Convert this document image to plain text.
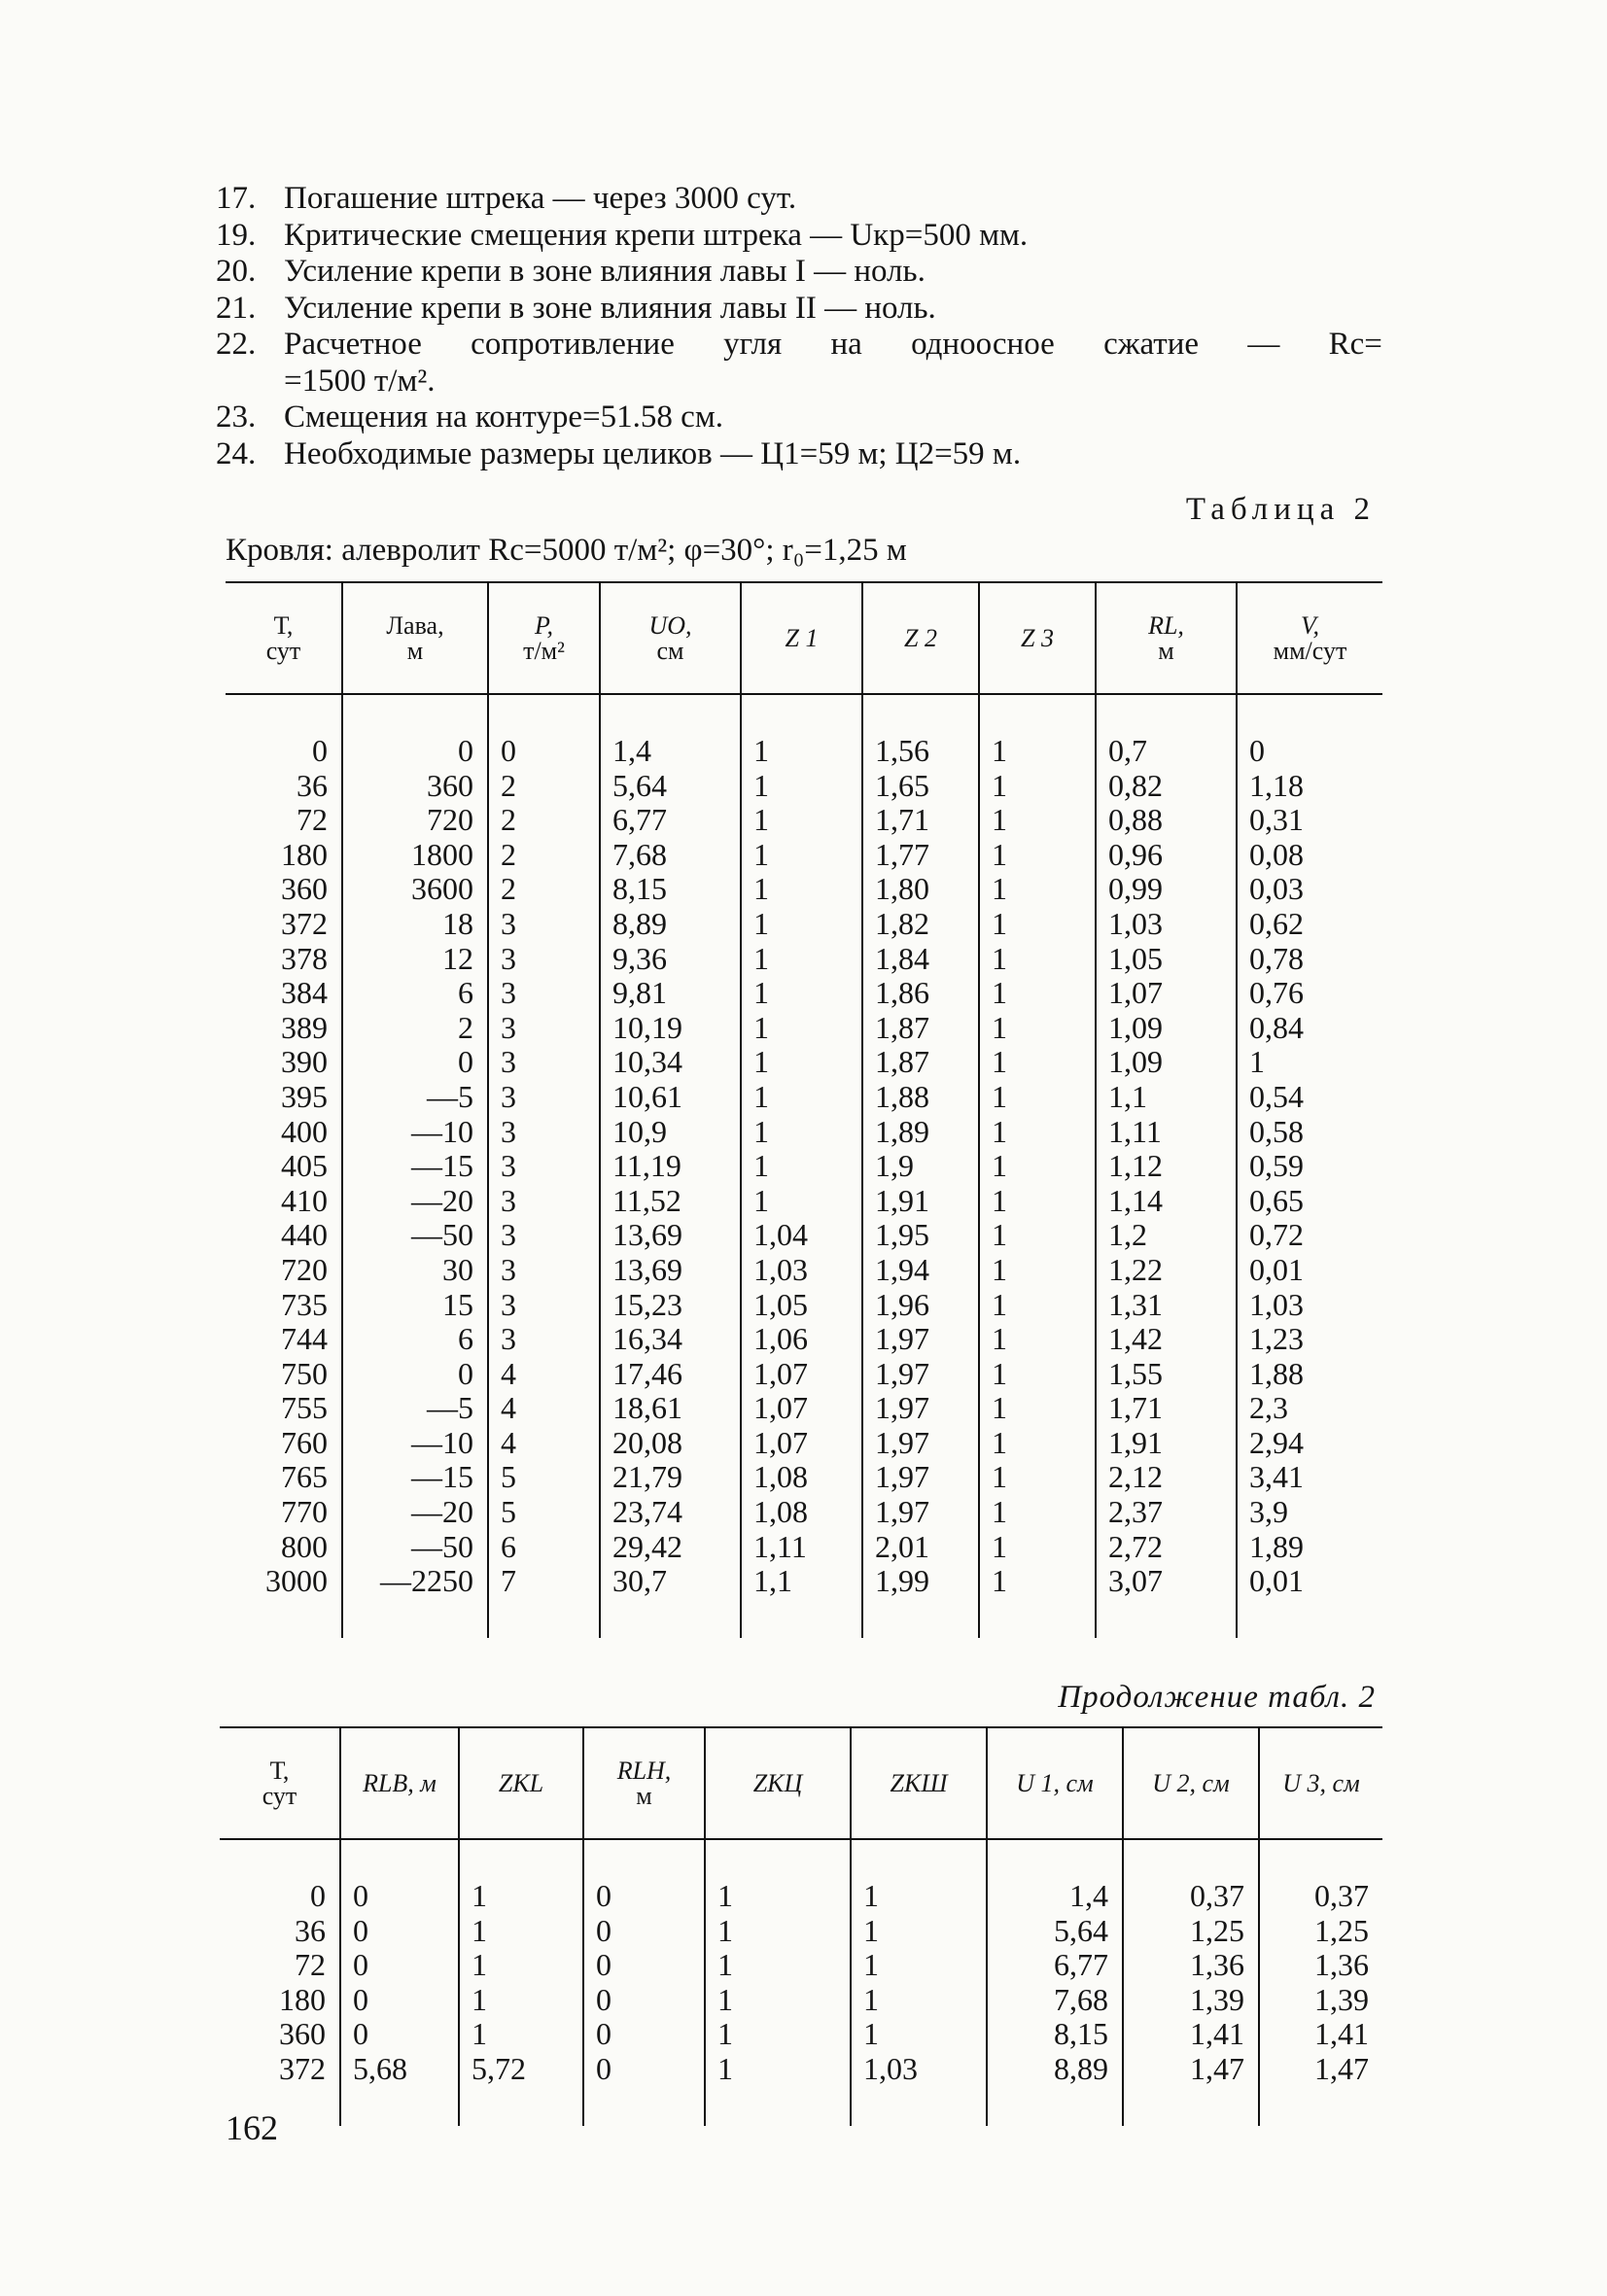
17. Погашение штрека — через 3000 сут.
19. Критические смещения крепи штрека — Uкр=500 мм.
20. Усиление крепи в зоне влияния лавы I — ноль.
21. Усиление крепи в зоне влияния лавы II — ноль.
22. Расчетное сопротивление угля на одноосное сжатие — Rc=
=1500 т/м².
23. Смещения на контуре=51.58 см.
24. Необходимые размеры целиков — Ц1=59 м; Ц2=59 м.
Таблица 2
Кровля: алевролит Rc=5000 т/м²; φ=30°; r₀=1,25 м
Т,
сут	Лава,
м	P,
т/м²	UO,
см	Z 1	Z 2	Z 3	RL,
м	V,
мм/сут

0	0	0	1,4	1	1,56	1	0,7	0
36	360	2	5,64	1	1,65	1	0,82	1,18
72	720	2	6,77	1	1,71	1	0,88	0,31
180	1800	2	7,68	1	1,77	1	0,96	0,08
360	3600	2	8,15	1	1,80	1	0,99	0,03
372	18	3	8,89	1	1,82	1	1,03	0,62
378	12	3	9,36	1	1,84	1	1,05	0,78
384	6	3	9,81	1	1,86	1	1,07	0,76
389	2	3	10,19	1	1,87	1	1,09	0,84
390	0	3	10,34	1	1,87	1	1,09	1
395	—5	3	10,61	1	1,88	1	1,1	0,54
400	—10	3	10,9	1	1,89	1	1,11	0,58
405	—15	3	11,19	1	1,9	1	1,12	0,59
410	—20	3	11,52	1	1,91	1	1,14	0,65
440	—50	3	13,69	1,04	1,95	1	1,2	0,72
720	30	3	13,69	1,03	1,94	1	1,22	0,01
735	15	3	15,23	1,05	1,96	1	1,31	1,03
744	6	3	16,34	1,06	1,97	1	1,42	1,23
750	0	4	17,46	1,07	1,97	1	1,55	1,88
755	—5	4	18,61	1,07	1,97	1	1,71	2,3
760	—10	4	20,08	1,07	1,97	1	1,91	2,94
765	—15	5	21,79	1,08	1,97	1	2,12	3,41
770	—20	5	23,74	1,08	1,97	1	2,37	3,9
800	—50	6	29,42	1,11	2,01	1	2,72	1,89
3000	—2250	7	30,7	1,1	1,99	1	3,07	0,01

Продолжение табл. 2
Т,
сут	RLB, м	ZKL	RLH,
м	ZKЦ	ZKШ	U 1, см	U 2, см	U 3, см

0	0	1	0	1	1	1,4	0,37	0,37
36	0	1	0	1	1	5,64	1,25	1,25
72	0	1	0	1	1	6,77	1,36	1,36
180	0	1	0	1	1	7,68	1,39	1,39
360	0	1	0	1	1	8,15	1,41	1,41
372	5,68	5,72	0	1	1,03	8,89	1,47	1,47

162
